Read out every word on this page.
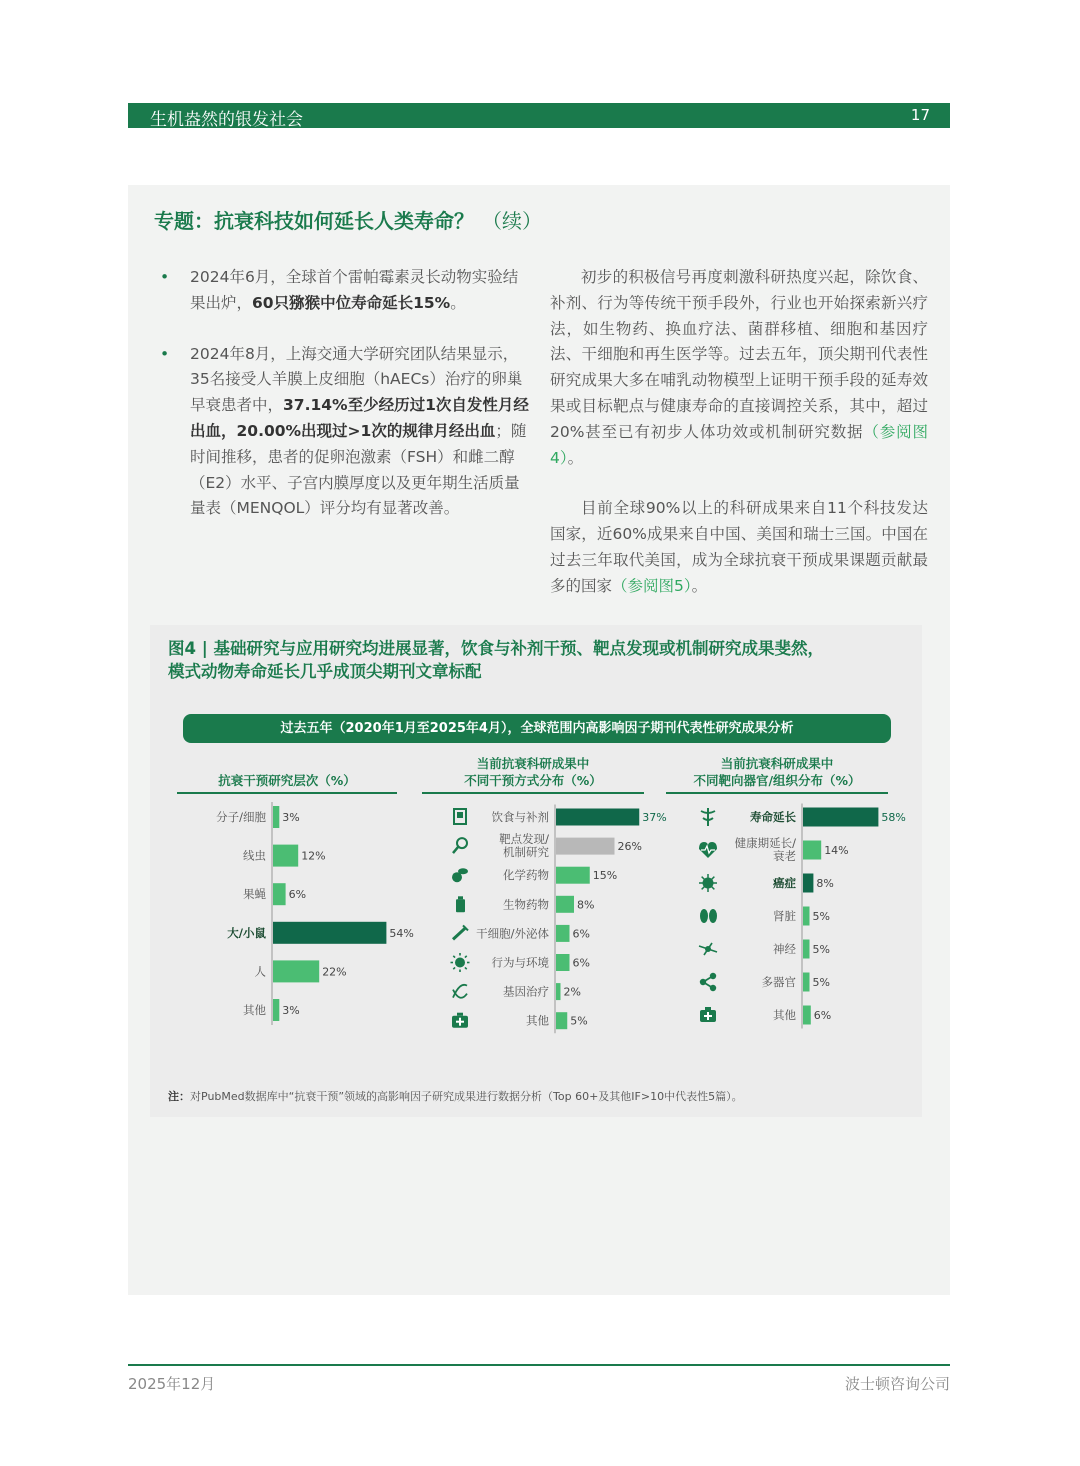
生机盎然的银发社会	17
专题：抗衰科技如何延长人类寿命？ （续）
• 2024年6月，全球首个雷帕霉素灵长动物实验结果出炉，60只猕猴中位寿命延长15%。
• 2024年8月，上海交通大学研究团队结果显示，35名接受人羊膜上皮细胞（hAECs）治疗的卵巢早衰患者中，37.14%至少经历过1次自发性月经出血，20.00%出现过>1次的规律月经出血；随时间推移，患者的促卵泡激素（FSH）和雌二醇（E2）水平、子宫内膜厚度以及更年期生活质量量表（MENQOL）评分均有显著改善。

初步的积极信号再度刺激科研热度兴起，除饮食、补剂、行为等传统干预手段外，行业也开始探索新兴疗法，如生物药、换血疗法、菌群移植、细胞和基因疗法、干细胞和再生医学等。过去五年，顶尖期刊代表性研究成果大多在哺乳动物模型上证明干预手段的延寿效果或目标靶点与健康寿命的直接调控关系，其中，超过20%甚至已有初步人体功效或机制研究数据（参阅图4）。

目前全球90%以上的科研成果来自11个科技发达国家，近60%成果来自中国、美国和瑞士三国。中国在过去三年取代美国，成为全球抗衰干预成果课题贡献最多的国家（参阅图5）。

图4 | 基础研究与应用研究均进展显著，饮食与补剂干预、靶点发现或机制研究成果斐然，
模式动物寿命延长几乎成顶尖期刊文章标配
过去五年（2020年1月至2025年4月），全球范围内高影响因子期刊代表性研究成果分析
抗衰干预研究层次（%）
当前抗衰科研成果中
不同干预方式分布（%）
当前抗衰科研成果中
不同靶向器官/组织分布（%）
3%
分子/细胞
12%
线虫
6%
果蝇
54%
大/小鼠
22%
人
3%
其他
37%
饮食与补剂
26%
靶点发现/
机制研究
15%
化学药物
8%
生物药物
6%
干细胞/外泌体
6%
行为与环境
2%
基因治疗
5%
其他
58%
寿命延长
14%
健康期延长/
衰老
8%
癌症
5%
肾脏
5%
神经
5%
多器官
6%
其他
注：对PubMed数据库中“抗衰干预”领域的高影响因子研究成果进行数据分析（Top 60+及其他IF>10中代表性5篇）。
2025年12月	波士顿咨询公司
